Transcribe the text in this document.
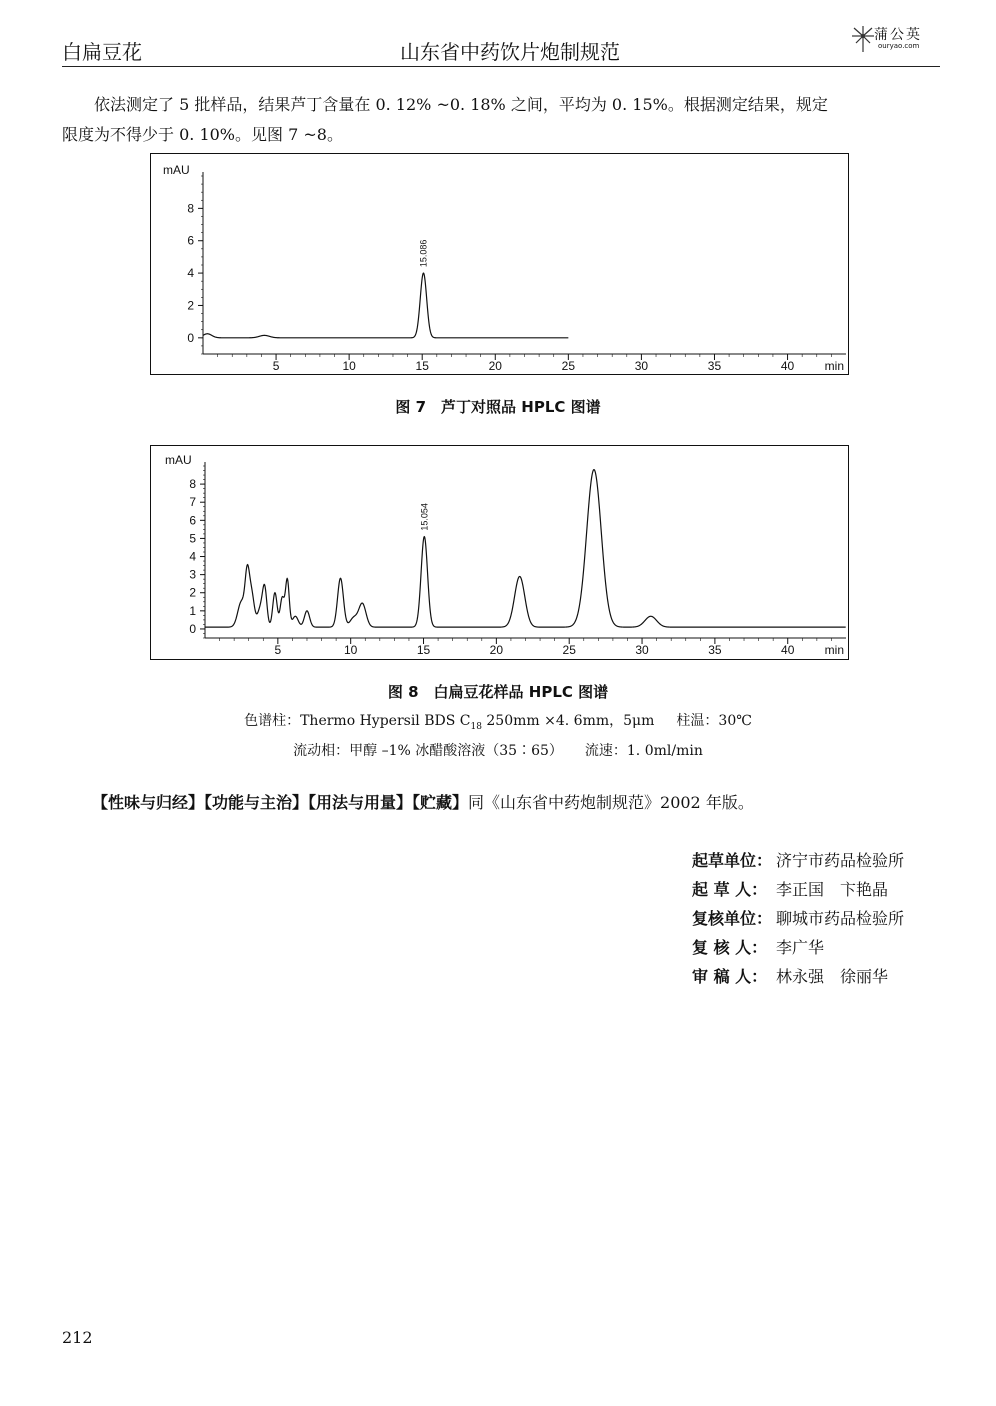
白扁豆花	山东省中药饮片炮制规范
蒲公英
ouryao.com
依法测定了 5 批样品，结果芦丁含量在 0. 12% ~0. 18% 之间，平均为 0. 15%。根据测定结果，规定
限度为不得少于 0. 10%。见图 7 ~8。
mAU
0
2
4
6
8
5	10	15	20	25	30	35	40	min
15.086
图 7　芦丁对照品 HPLC 图谱
mAU
0
1
2
3
4
5
6
7
8
5	10	15	20	25	30	35	40	min
15.054
图 8　白扁豆花样品 HPLC 图谱
色谱柱：Thermo Hypersil BDS $C_{18}$ 250mm ×4. 6mm，5μm 柱温：30℃
流动相：甲醇 –1% 冰醋酸溶液（35∶65） 流速：1. 0ml/min
【性味与归经】【功能与主治】【用法与用量】【贮藏】同《山东省中药炮制规范》2002 年版。
起草单位： 济宁市药品检验所
起 草 人： 李正国　卞艳晶
复核单位： 聊城市药品检验所
复 核 人： 李广华
审 稿 人： 林永强　徐丽华
212
